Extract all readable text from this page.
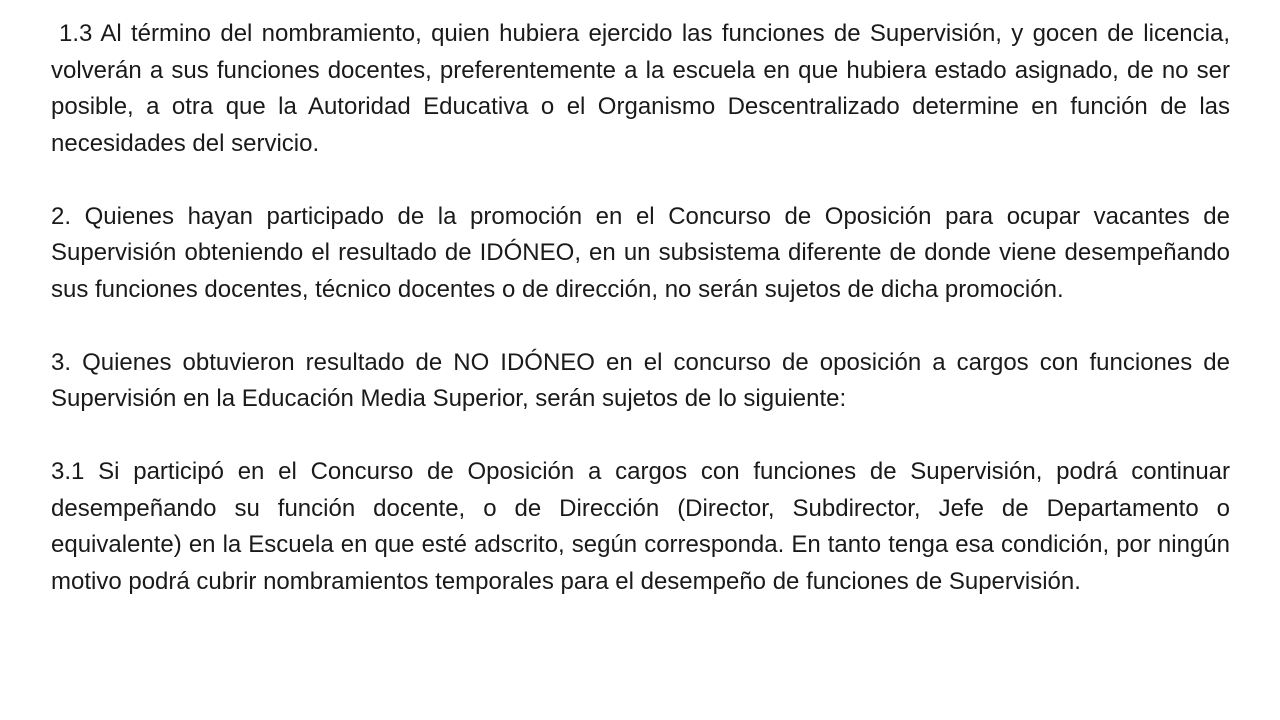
1.3 Al término del nombramiento, quien hubiera ejercido las funciones de Supervisión, y gocen de licencia, volverán a sus funciones docentes, preferentemente a la escuela en que hubiera estado asignado, de no ser posible, a otra que la Autoridad Educativa o el Organismo Descentralizado determine en función de las necesidades del servicio.

2. Quienes hayan participado de la promoción en el Concurso de Oposición para ocupar vacantes de Supervisión obteniendo el resultado de IDÓNEO, en un subsistema diferente de donde viene desempeñando sus funciones docentes, técnico docentes o de dirección, no serán sujetos de dicha promoción.

3. Quienes obtuvieron resultado de NO IDÓNEO en el concurso de oposición a cargos con funciones de Supervisión en la Educación Media Superior, serán sujetos de lo siguiente:

3.1 Si participó en el Concurso de Oposición a cargos con funciones de Supervisión, podrá continuar desempeñando su función docente, o de Dirección (Director, Subdirector, Jefe de Departamento o equivalente) en la Escuela en que esté adscrito, según corresponda. En tanto tenga esa condición, por ningún motivo podrá cubrir nombramientos temporales para el desempeño de funciones de Supervisión.
